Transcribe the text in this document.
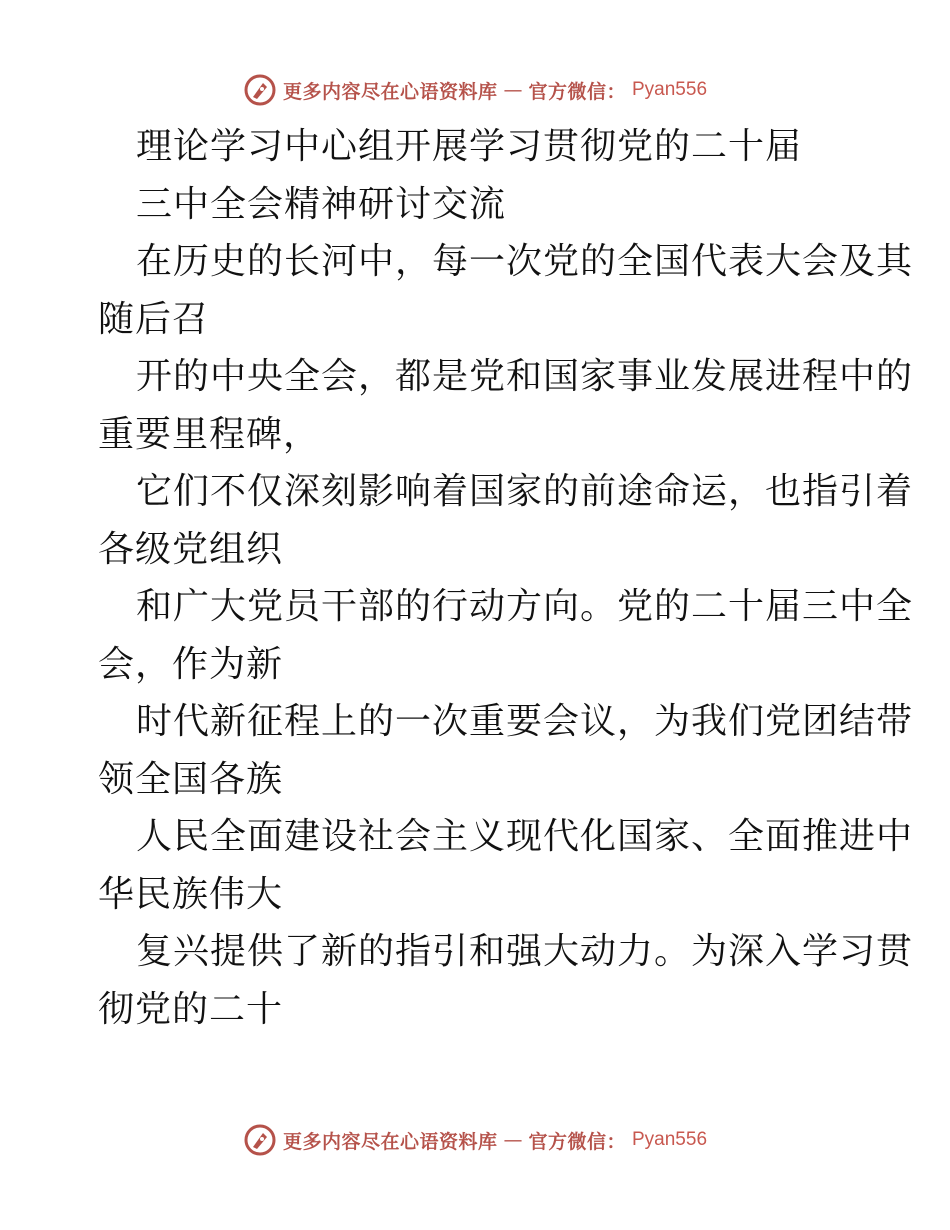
更多内容尽在心语资料库 — 官方微信： Pyan556
理论学习中心组开展学习贯彻党的二十届
三中全会精神研讨交流
在历史的长河中，每一次党的全国代表大会及其
随后召
开的中央全会，都是党和国家事业发展进程中的
重要里程碑，
它们不仅深刻影响着国家的前途命运，也指引着
各级党组织
和广大党员干部的行动方向。党的二十届三中全
会，作为新
时代新征程上的一次重要会议，为我们党团结带
领全国各族
人民全面建设社会主义现代化国家、全面推进中
华民族伟大
复兴提供了新的指引和强大动力。为深入学习贯
彻党的二十
更多内容尽在心语资料库 — 官方微信： Pyan556
